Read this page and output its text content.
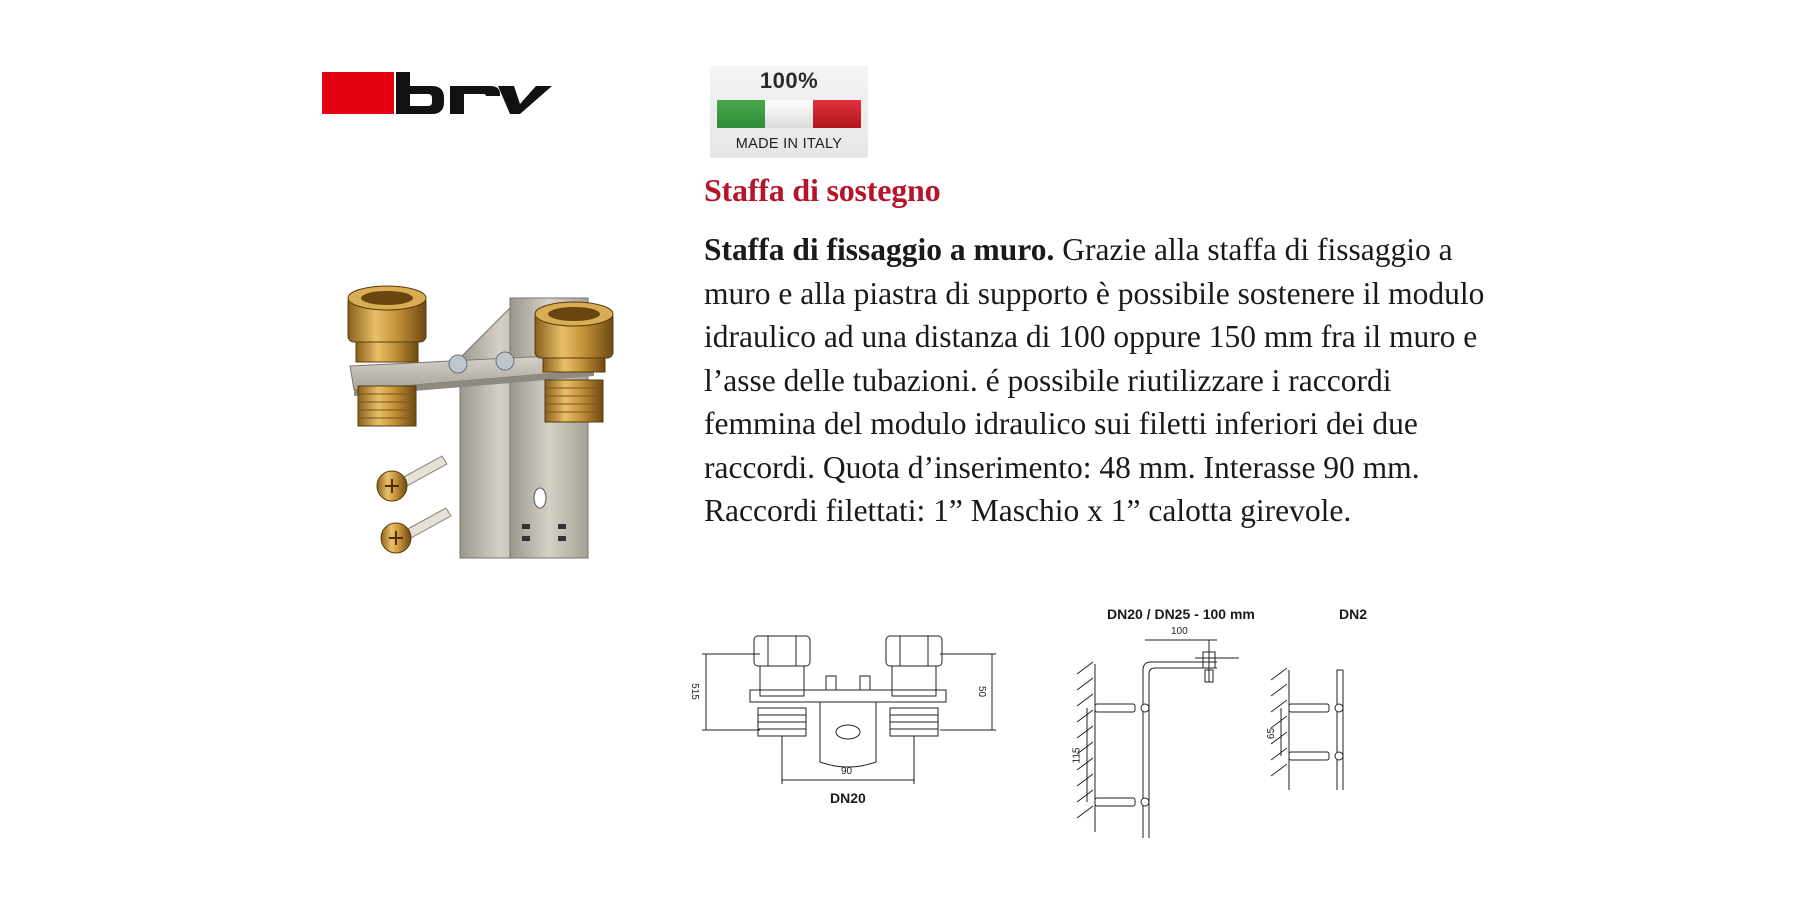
100%
MADE IN ITALY
Staffa di sostegno

Staffa di fissaggio a muro. Grazie alla staffa di fissaggio a muro e alla piastra di supporto è possibile sostenere il modulo idraulico ad una distanza di 100 oppure 150 mm fra il muro e l’asse delle tubazioni. é possibile riutilizzare i raccordi femmina del modulo idraulico sui filetti inferiori dei due raccordi. Quota d’inserimento: 48 mm. Interasse 90 mm. Raccordi filettati: 1” Maschio x 1” calotta girevole.

515	50
90
DN20
DN20 / DN25 - 100 mm	DN2
100
115
65
